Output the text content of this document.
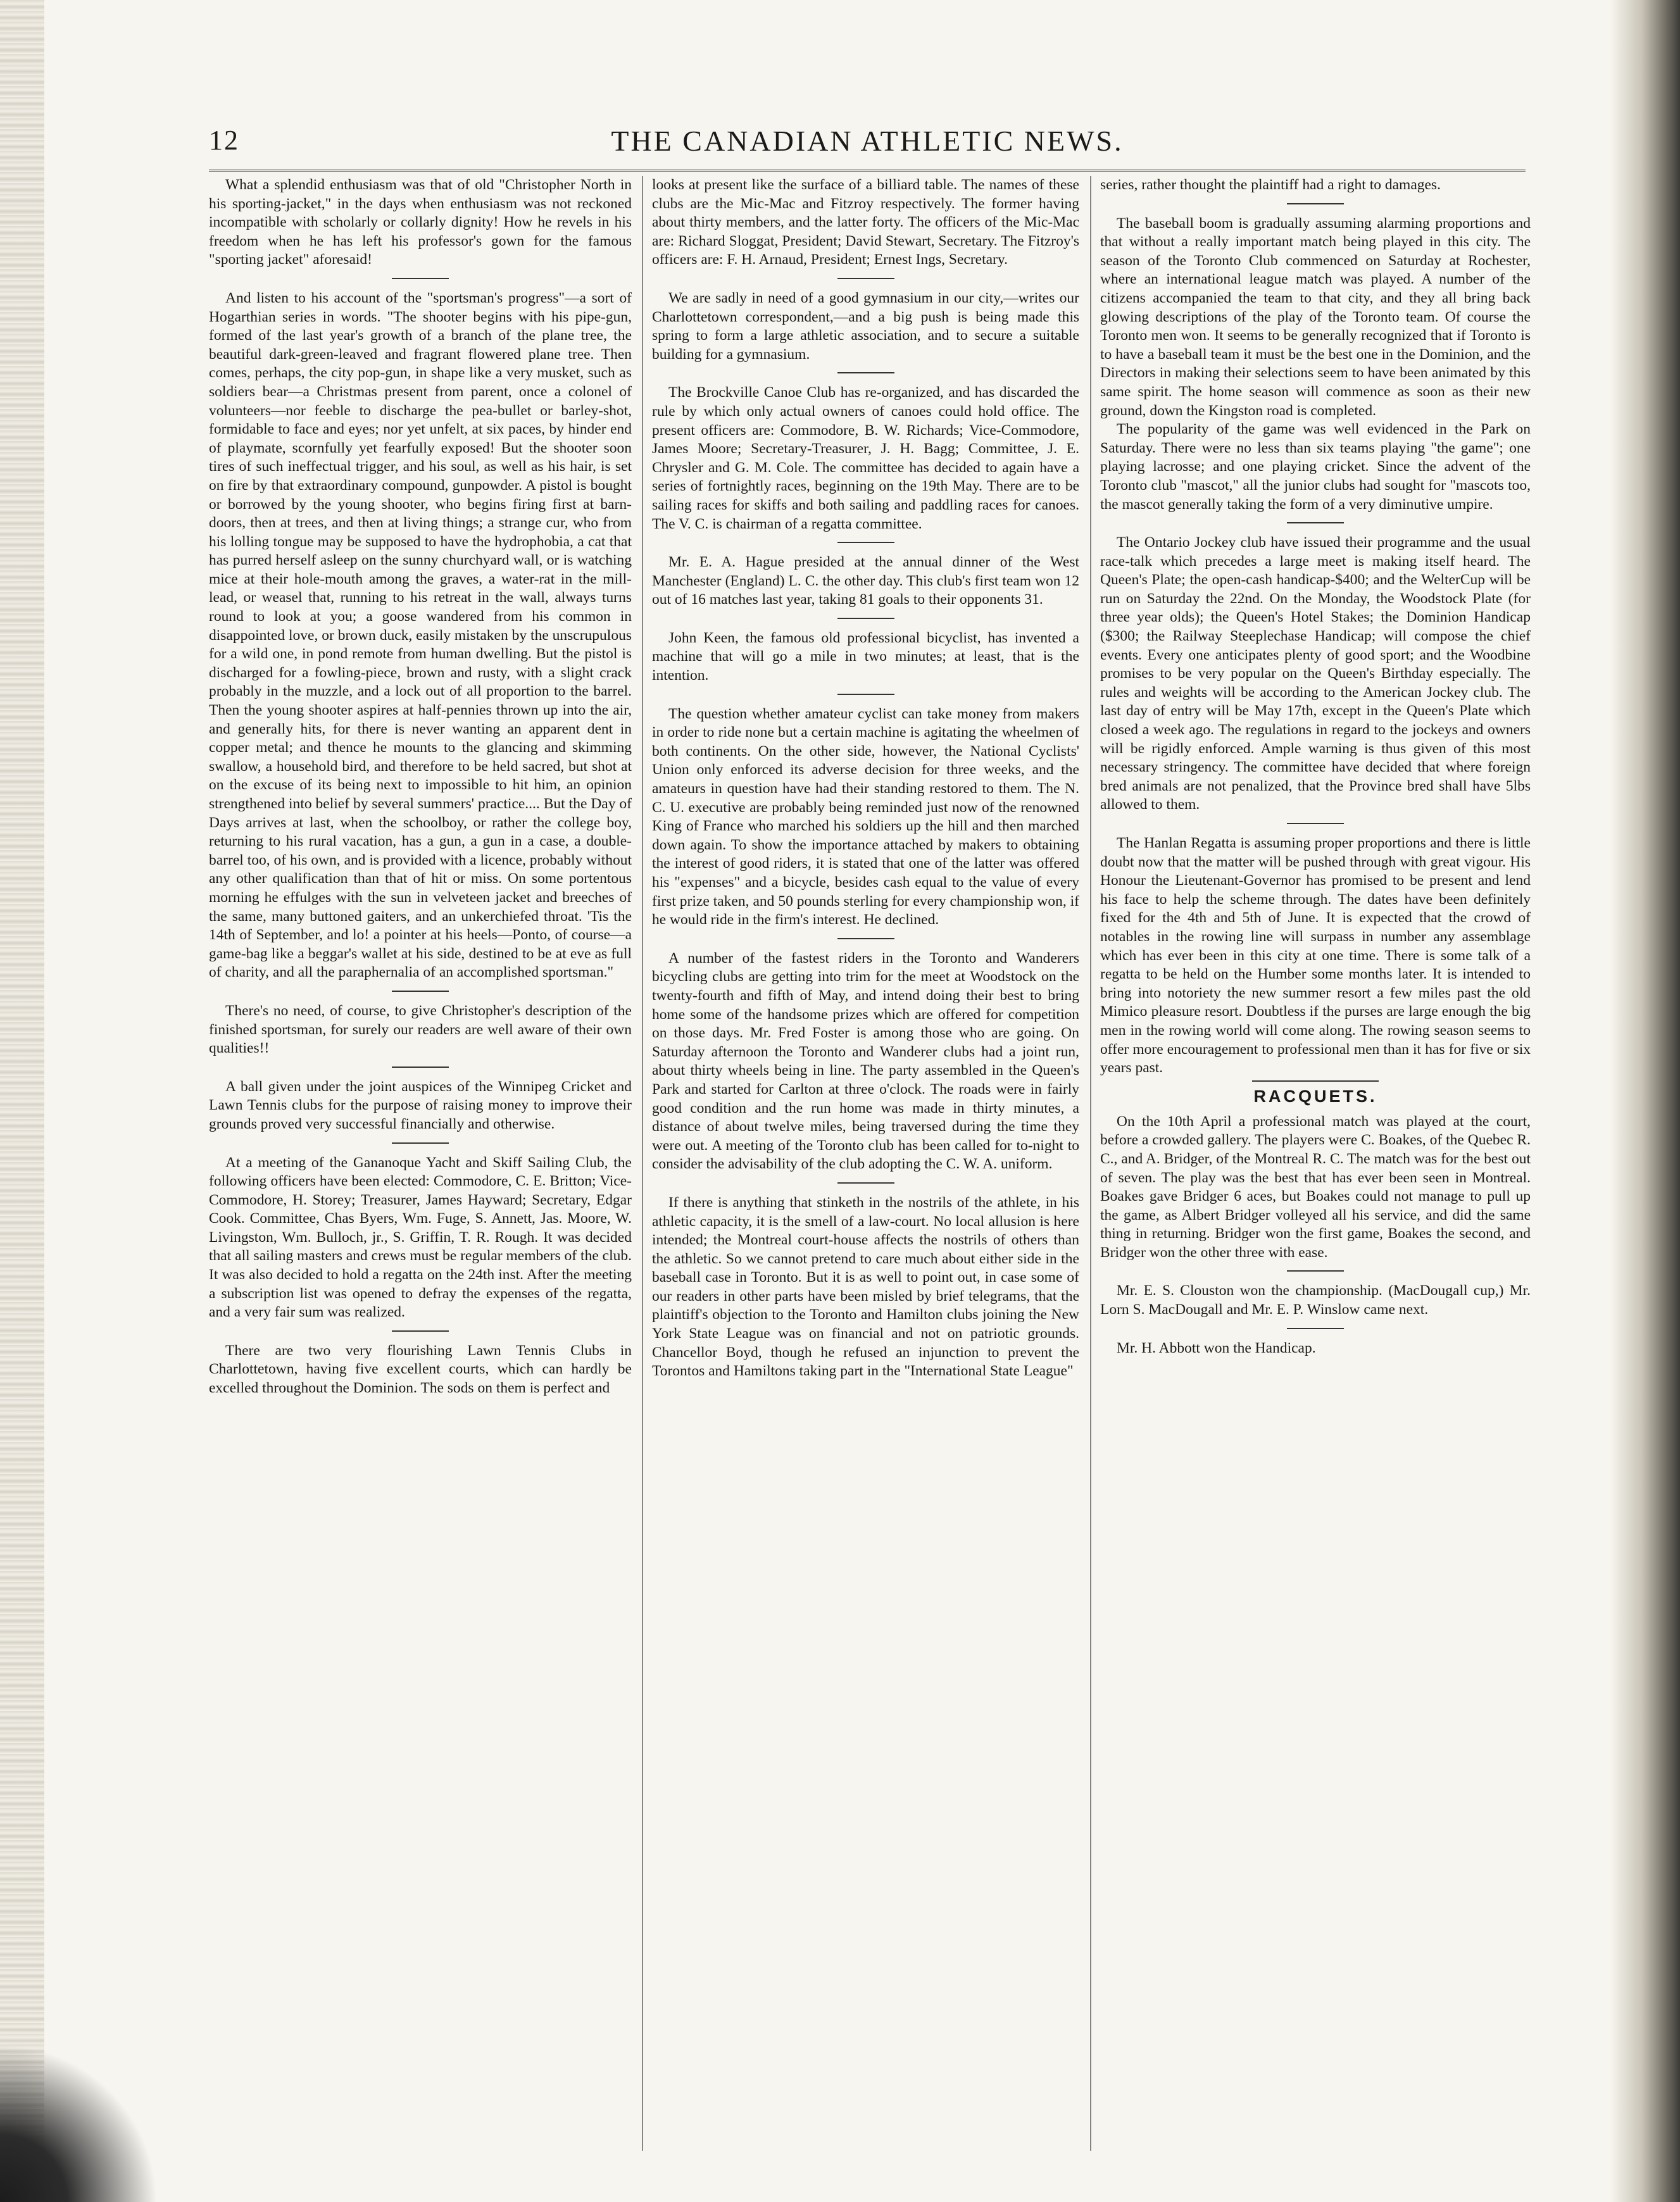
12	THE CANADIAN ATHLETIC NEWS.

What a splendid enthusiasm was that of old "Christopher North in his sporting-jacket," in the days when enthusiasm was not reckoned incompatible with scholarly or collarly dignity! How he revels in his freedom when he has left his professor's gown for the famous "sporting jacket" aforesaid!

And listen to his account of the "sportsman's progress"—a sort of Hogarthian series in words. "The shooter begins with his pipe-gun, formed of the last year's growth of a branch of the plane tree, the beautiful dark-green-leaved and fragrant flowered plane tree. Then comes, perhaps, the city pop-gun, in shape like a very musket, such as soldiers bear—a Christmas present from parent, once a colonel of volunteers—nor feeble to discharge the pea-bullet or barley-shot, formidable to face and eyes; nor yet unfelt, at six paces, by hinder end of playmate, scornfully yet fearfully exposed! But the shooter soon tires of such ineffectual trigger, and his soul, as well as his hair, is set on fire by that extraordinary compound, gunpowder. A pistol is bought or borrowed by the young shooter, who begins firing first at barn-doors, then at trees, and then at living things; a strange cur, who from his lolling tongue may be supposed to have the hydrophobia, a cat that has purred herself asleep on the sunny churchyard wall, or is watching mice at their hole-mouth among the graves, a water-rat in the mill-lead, or weasel that, running to his retreat in the wall, always turns round to look at you; a goose wandered from his common in disappointed love, or brown duck, easily mistaken by the unscrupulous for a wild one, in pond remote from human dwelling. But the pistol is discharged for a fowling-piece, brown and rusty, with a slight crack probably in the muzzle, and a lock out of all proportion to the barrel. Then the young shooter aspires at half-pennies thrown up into the air, and generally hits, for there is never wanting an apparent dent in copper metal; and thence he mounts to the glancing and skimming swallow, a household bird, and therefore to be held sacred, but shot at on the excuse of its being next to impossible to hit him, an opinion strengthened into belief by several summers' practice.... But the Day of Days arrives at last, when the schoolboy, or rather the college boy, returning to his rural vacation, has a gun, a gun in a case, a double-barrel too, of his own, and is provided with a licence, probably without any other qualification than that of hit or miss. On some portentous morning he effulges with the sun in velveteen jacket and breeches of the same, many buttoned gaiters, and an unkerchiefed throat. 'Tis the 14th of September, and lo! a pointer at his heels—Ponto, of course—a game-bag like a beggar's wallet at his side, destined to be at eve as full of charity, and all the paraphernalia of an accomplished sportsman."

There's no need, of course, to give Christopher's description of the finished sportsman, for surely our readers are well aware of their own qualities!!

A ball given under the joint auspices of the Winnipeg Cricket and Lawn Tennis clubs for the purpose of raising money to improve their grounds proved very successful financially and otherwise.

At a meeting of the Gananoque Yacht and Skiff Sailing Club, the following officers have been elected: Commodore, C. E. Britton; Vice-Commodore, H. Storey; Treasurer, James Hayward; Secretary, Edgar Cook. Committee, Chas Byers, Wm. Fuge, S. Annett, Jas. Moore, W. Livingston, Wm. Bulloch, jr., S. Griffin, T. R. Rough. It was decided that all sailing masters and crews must be regular members of the club. It was also decided to hold a regatta on the 24th inst. After the meeting a subscription list was opened to defray the expenses of the regatta, and a very fair sum was realized.

There are two very flourishing Lawn Tennis Clubs in Charlottetown, having five excellent courts, which can hardly be excelled throughout the Dominion. The sods on them is perfect and

looks at present like the surface of a billiard table. The names of these clubs are the Mic-Mac and Fitzroy respectively. The former having about thirty members, and the latter forty. The officers of the Mic-Mac are: Richard Sloggat, President; David Stewart, Secretary. The Fitzroy's officers are: F. H. Arnaud, President; Ernest Ings, Secretary.

We are sadly in need of a good gymnasium in our city,—writes our Charlottetown correspondent,—and a big push is being made this spring to form a large athletic association, and to secure a suitable building for a gymnasium.

The Brockville Canoe Club has re-organized, and has discarded the rule by which only actual owners of canoes could hold office. The present officers are: Commodore, B. W. Richards; Vice-Commodore, James Moore; Secretary-Treasurer, J. H. Bagg; Committee, J. E. Chrysler and G. M. Cole. The committee has decided to again have a series of fortnightly races, beginning on the 19th May. There are to be sailing races for skiffs and both sailing and paddling races for canoes. The V. C. is chairman of a regatta committee.

Mr. E. A. Hague presided at the annual dinner of the West Manchester (England) L. C. the other day. This club's first team won 12 out of 16 matches last year, taking 81 goals to their opponents 31.

John Keen, the famous old professional bicyclist, has invented a machine that will go a mile in two minutes; at least, that is the intention.

The question whether amateur cyclist can take money from makers in order to ride none but a certain machine is agitating the wheelmen of both continents. On the other side, however, the National Cyclists' Union only enforced its adverse decision for three weeks, and the amateurs in question have had their standing restored to them. The N. C. U. executive are probably being reminded just now of the renowned King of France who marched his soldiers up the hill and then marched down again. To show the importance attached by makers to obtaining the interest of good riders, it is stated that one of the latter was offered his "expenses" and a bicycle, besides cash equal to the value of every first prize taken, and 50 pounds sterling for every championship won, if he would ride in the firm's interest. He declined.

A number of the fastest riders in the Toronto and Wanderers bicycling clubs are getting into trim for the meet at Woodstock on the twenty-fourth and fifth of May, and intend doing their best to bring home some of the handsome prizes which are offered for competition on those days. Mr. Fred Foster is among those who are going. On Saturday afternoon the Toronto and Wanderer clubs had a joint run, about thirty wheels being in line. The party assembled in the Queen's Park and started for Carlton at three o'clock. The roads were in fairly good condition and the run home was made in thirty minutes, a distance of about twelve miles, being traversed during the time they were out. A meeting of the Toronto club has been called for to-night to consider the advisability of the club adopting the C. W. A. uniform.

If there is anything that stinketh in the nostrils of the athlete, in his athletic capacity, it is the smell of a law-court. No local allusion is here intended; the Montreal court-house affects the nostrils of others than the athletic. So we cannot pretend to care much about either side in the baseball case in Toronto. But it is as well to point out, in case some of our readers in other parts have been misled by brief telegrams, that the plaintiff's objection to the Toronto and Hamilton clubs joining the New York State League was on financial and not on patriotic grounds. Chancellor Boyd, though he refused an injunction to prevent the Torontos and Hamiltons taking part in the "International State League"

series, rather thought the plaintiff had a right to damages.

The baseball boom is gradually assuming alarming proportions and that without a really important match being played in this city. The season of the Toronto Club commenced on Saturday at Rochester, where an international league match was played. A number of the citizens accompanied the team to that city, and they all bring back glowing descriptions of the play of the Toronto team. Of course the Toronto men won. It seems to be generally recognized that if Toronto is to have a baseball team it must be the best one in the Dominion, and the Directors in making their selections seem to have been animated by this same spirit. The home season will commence as soon as their new ground, down the Kingston road is completed.

The popularity of the game was well evidenced in the Park on Saturday. There were no less than six teams playing "the game"; one playing lacrosse; and one playing cricket. Since the advent of the Toronto club "mascot," all the junior clubs had sought for "mascots too, the mascot generally taking the form of a very diminutive umpire.

The Ontario Jockey club have issued their programme and the usual race-talk which precedes a large meet is making itself heard. The Queen's Plate; the open-cash handicap-$400; and the WelterCup will be run on Saturday the 22nd. On the Monday, the Woodstock Plate (for three year olds); the Queen's Hotel Stakes; the Dominion Handicap ($300; the Railway Steeplechase Handicap; will compose the chief events. Every one anticipates plenty of good sport; and the Woodbine promises to be very popular on the Queen's Birthday especially. The rules and weights will be according to the American Jockey club. The last day of entry will be May 17th, except in the Queen's Plate which closed a week ago. The regulations in regard to the jockeys and owners will be rigidly enforced. Ample warning is thus given of this most necessary stringency. The committee have decided that where foreign bred animals are not penalized, that the Province bred shall have 5lbs allowed to them.

The Hanlan Regatta is assuming proper proportions and there is little doubt now that the matter will be pushed through with great vigour. His Honour the Lieutenant-Governor has promised to be present and lend his face to help the scheme through. The dates have been definitely fixed for the 4th and 5th of June. It is expected that the crowd of notables in the rowing line will surpass in number any assemblage which has ever been in this city at one time. There is some talk of a regatta to be held on the Humber some months later. It is intended to bring into notoriety the new summer resort a few miles past the old Mimico pleasure resort. Doubtless if the purses are large enough the big men in the rowing world will come along. The rowing season seems to offer more encouragement to professional men than it has for five or six years past.

RACQUETS.

On the 10th April a professional match was played at the court, before a crowded gallery. The players were C. Boakes, of the Quebec R. C., and A. Bridger, of the Montreal R. C. The match was for the best out of seven. The play was the best that has ever been seen in Montreal. Boakes gave Bridger 6 aces, but Boakes could not manage to pull up the game, as Albert Bridger volleyed all his service, and did the same thing in returning. Bridger won the first game, Boakes the second, and Bridger won the other three with ease.

Mr. E. S. Clouston won the championship. (MacDougall cup,) Mr. Lorn S. MacDougall and Mr. E. P. Winslow came next.

Mr. H. Abbott won the Handicap.
